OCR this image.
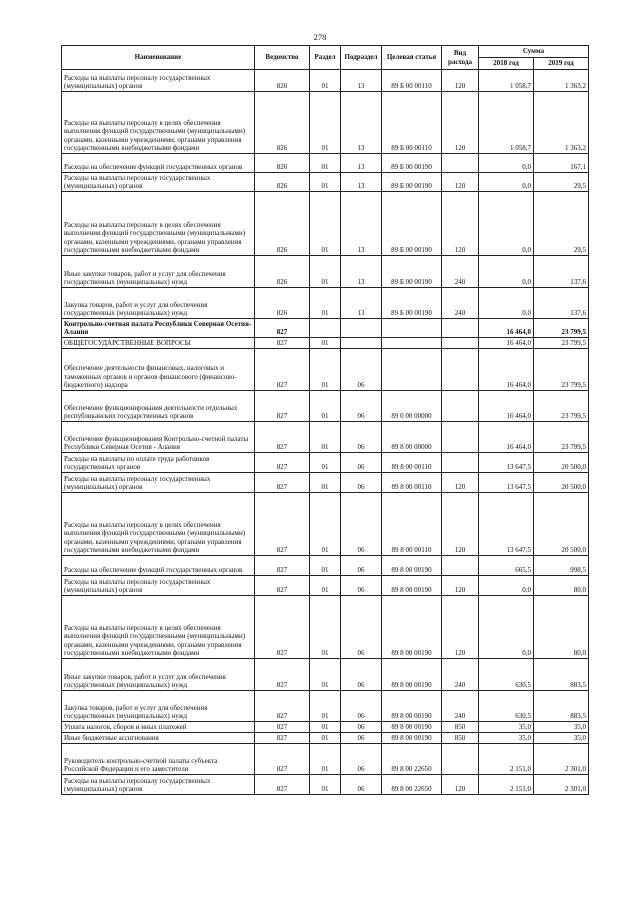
278
Наименование	Ведомство	Раздел	Подраздел	Целевая статья	Вид расхода	Сумма	
						2018 год	2019 год
Расходы на выплаты персоналу государственных (муниципальных) органов	826	01	13	89 Б 00 00110	120	1 058,7	1 363,2
Расходы на выплаты персоналу в целях обеспечения выполнения функций государственными (муниципальными) органами, казенными учреждениями, органами управления государственными внебюджетными фондами	826	01	13	89 Б 00 00110	120	1 058,7	1 363,2
Расходы на обеспечение функций государственных органов	826	01	13	89 Б 00 00190		0,0	167,1
Расходы на выплаты персоналу государственных (муниципальных) органов	826	01	13	89 Б 00 00190	120	0,0	29,5
Расходы на выплаты персоналу в целях обеспечения выполнения функций государственными (муниципальными) органами, казенными учреждениями, органами управления государственными внебюджетными фондами	826	01	13	89 Б 00 00190	120	0,0	29,5
Иные закупки товаров, работ и услуг для обеспечения государственных (муниципальных) нужд	826	01	13	89 Б 00 00190	240	0,0	137,6
Закупка товаров, работ и услуг для обеспечения государственных (муниципальных) нужд	826	01	13	89 Б 00 00190	240	0,0	137,6
Контрольно-счетная палата Республики Северная Осетия-Алания	827					16 464,0	23 799,5
ОБЩЕГОСУДАРСТВЕННЫЕ ВОПРОСЫ	827	01				16 464,0	23 799,5
Обеспечение деятельности финансовых, налоговых и таможенных органов и органов финансового (финансово-бюджетного) надзора	827	01	06			16 464,0	23 799,5
Обеспечение функционирования деятельности отдельных республиканских государственных органов	827	01	06	89 0 00 00000		16 464,0	23 799,5
Обеспечение функционирования Контрольно-счетной палаты Республики Северная Осетия - Алания	827	01	06	89 8 00 00000		16 464,0	23 799,5
Расходы на выплаты по оплате труда работников государственных органов	827	01	06	89 8 00 00110		13 647,5	20 500,0
Расходы на выплаты персоналу государственных (муниципальных) органов	827	01	06	89 8 00 00110	120	13 647,5	20 500,0
Расходы на выплаты персоналу в целях обеспечения выполнения функций государственными (муниципальными) органами, казенными учреждениями, органами управления государственными внебюджетными фондами	827	01	06	89 8 00 00110	120	13 647,5	20 500,0
Расходы на обеспечение функций государственных органов	827	01	06	89 8 00 00190		665,5	998,5
Расходы на выплаты персоналу государственных (муниципальных) органов	827	01	06	89 8 00 00190	120	0,0	80,0
Расходы на выплаты персоналу в целях обеспечения выполнения функций государственными (муниципальными) органами, казенными учреждениями, органами управления государственными внебюджетными фондами	827	01	06	89 8 00 00190	120	0,0	80,0
Иные закупки товаров, работ и услуг для обеспечения государственных (муниципальных) нужд	827	01	06	89 8 00 00190	240	630,5	883,5
Закупка товаров, работ и услуг для обеспечения государственных (муниципальных) нужд	827	01	06	89 8 00 00190	240	630,5	883,5
Уплата налогов, сборов и иных платежей	827	01	06	89 8 00 00190	850	35,0	35,0
Иные бюджетные ассигнования	827	01	06	89 8 00 00190	850	35,0	35,0
Руководитель контрольно-счетной палаты субъекта Российской Федерации и его заместители	827	01	06	89 8 00 22650		2 151,0	2 301,0
Расходы на выплаты персоналу государственных (муниципальных) органов	827	01	06	89 8 00 22650	120	2 151,0	2 301,0
